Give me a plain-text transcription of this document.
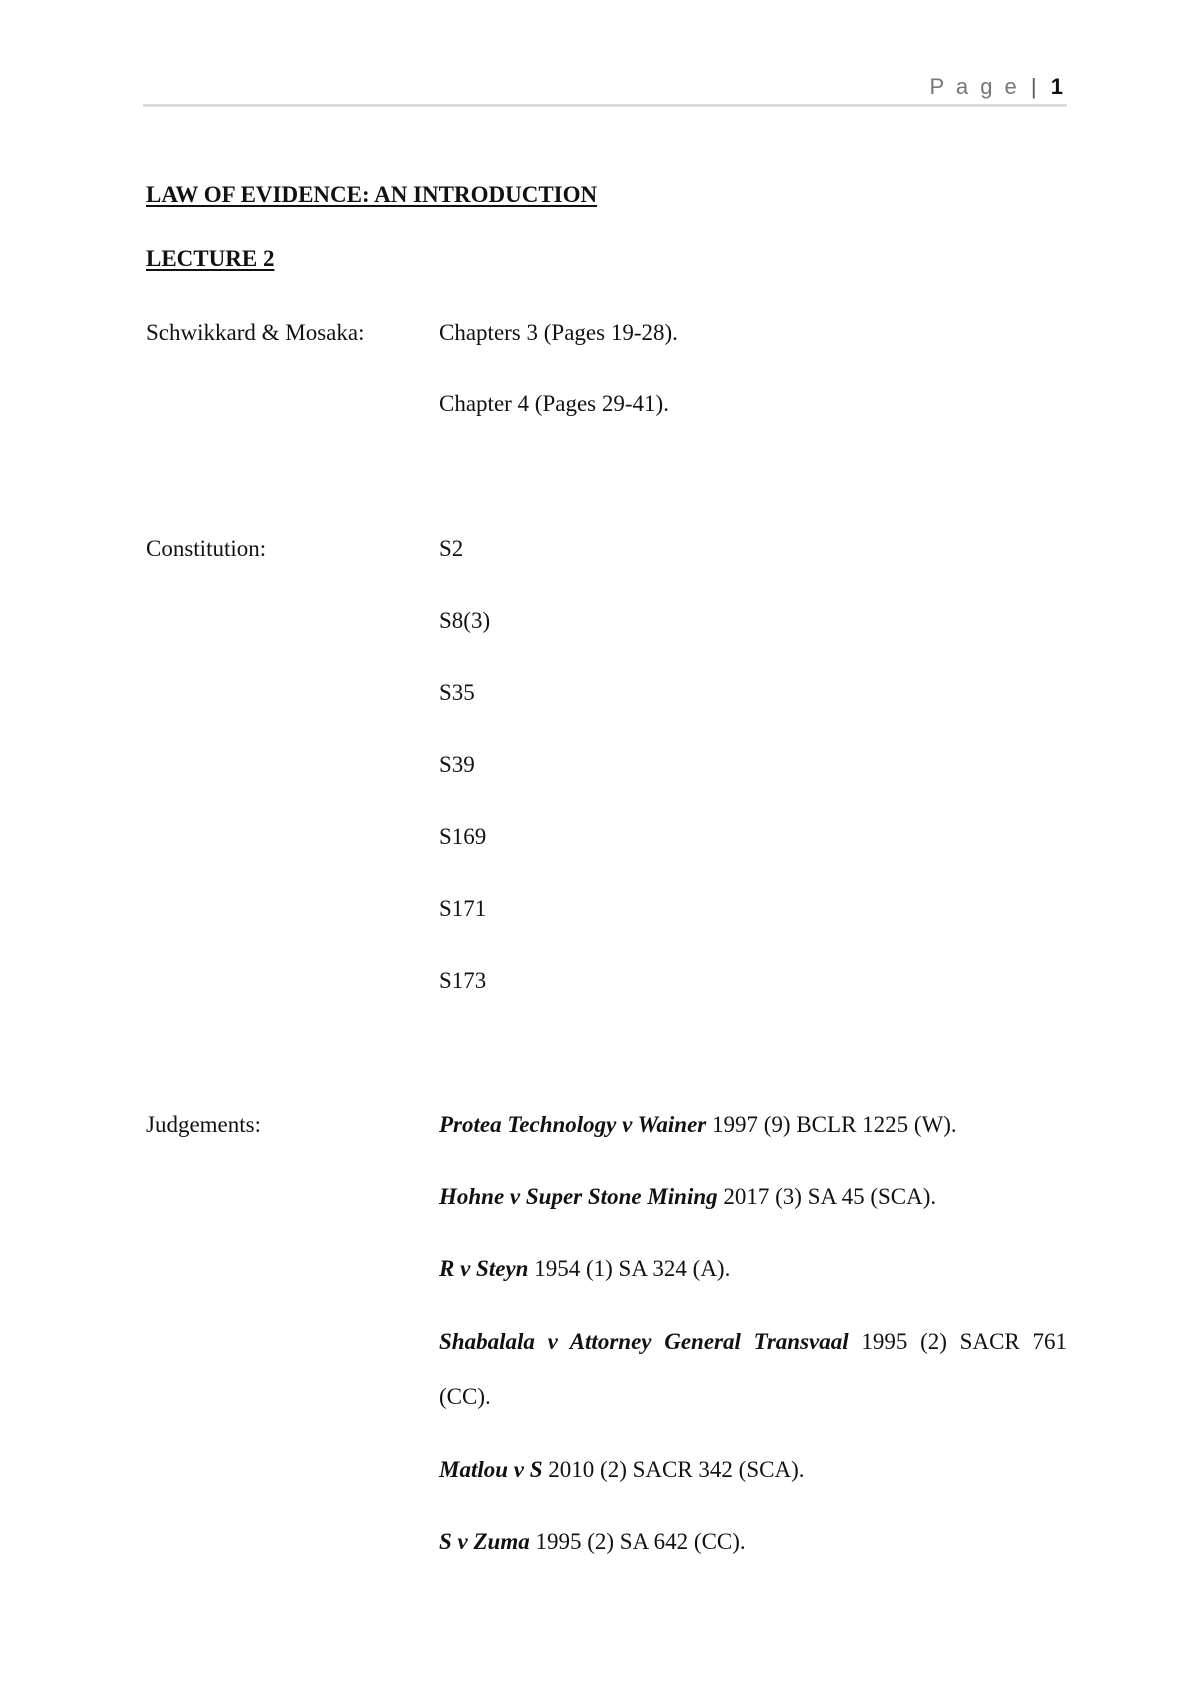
P a g e | 1
LAW OF EVIDENCE: AN INTRODUCTION
LECTURE 2
Schwikkard & Mosaka:	Chapters 3 (Pages 19-28).
Chapter 4 (Pages 29-41).
Constitution:	S2
S8(3)
S35
S39
S169
S171
S173
Judgements:	Protea Technology v Wainer 1997 (9) BCLR 1225 (W).
Hohne v Super Stone Mining 2017 (3) SA 45 (SCA).
R v Steyn 1954 (1) SA 324 (A).
Shabalala v Attorney General Transvaal 1995 (2) SACR 761 (CC).
Matlou v S 2010 (2) SACR 342 (SCA).
S v Zuma 1995 (2) SA 642 (CC).
